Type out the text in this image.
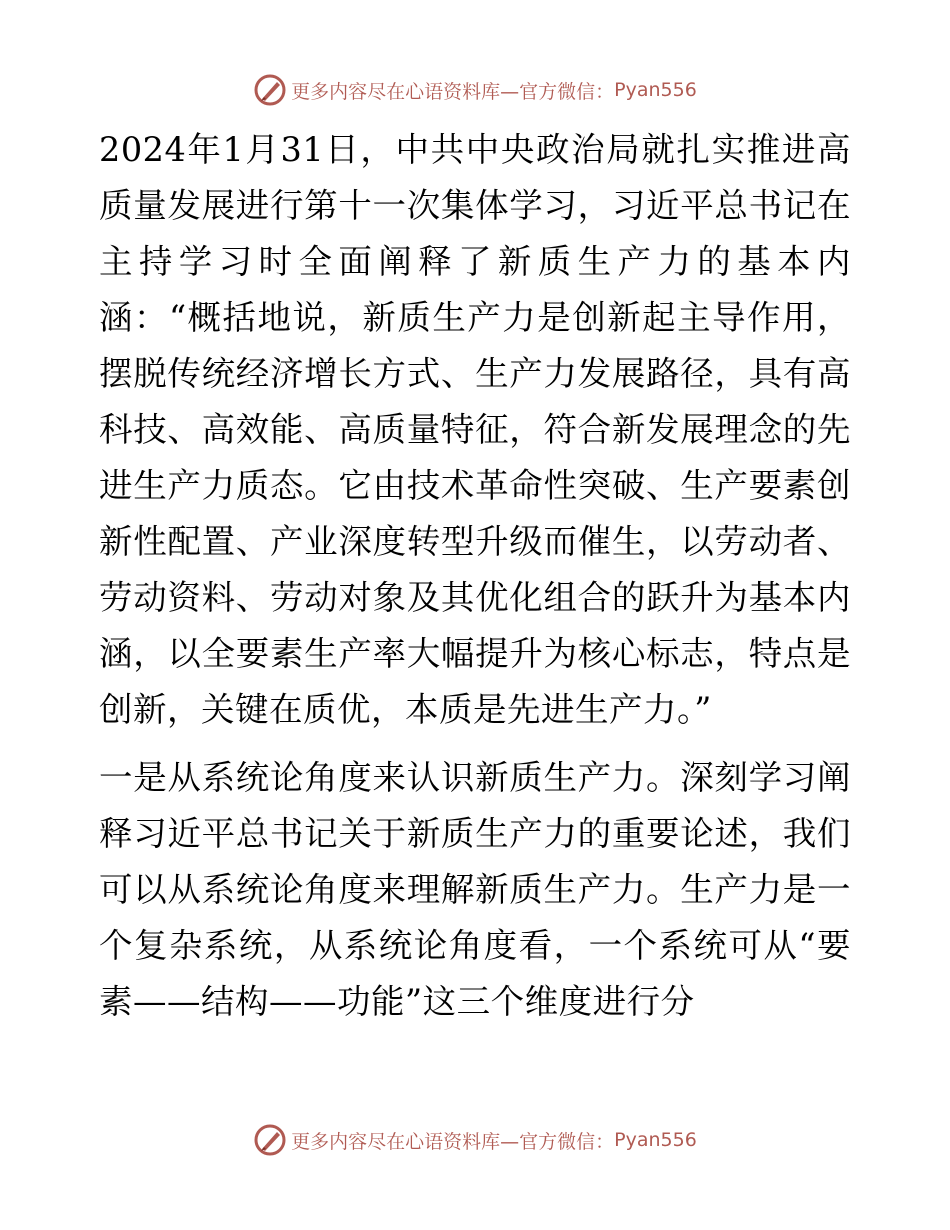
更多内容尽在心语资料库—官方微信： Pyan556

2024年1月31日，中共中央政治局就扎实推进高质量发展进行第十一次集体学习，习近平总书记在主持学习时全面阐释了新质生产力的基本内涵：“概括地说，新质生产力是创新起主导作用，摆脱传统经济增长方式、生产力发展路径，具有高科技、高效能、高质量特征，符合新发展理念的先进生产力质态。它由技术革命性突破、生产要素创新性配置、产业深度转型升级而催生，以劳动者、劳动资料、劳动对象及其优化组合的跃升为基本内涵，以全要素生产率大幅提升为核心标志，特点是创新，关键在质优，本质是先进生产力。”

一是从系统论角度来认识新质生产力。深刻学习阐释习近平总书记关于新质生产力的重要论述，我们可以从系统论角度来理解新质生产力。生产力是一个复杂系统，从系统论角度看，一个系统可从“要素——结构——功能”这三个维度进行分

更多内容尽在心语资料库—官方微信： Pyan556
